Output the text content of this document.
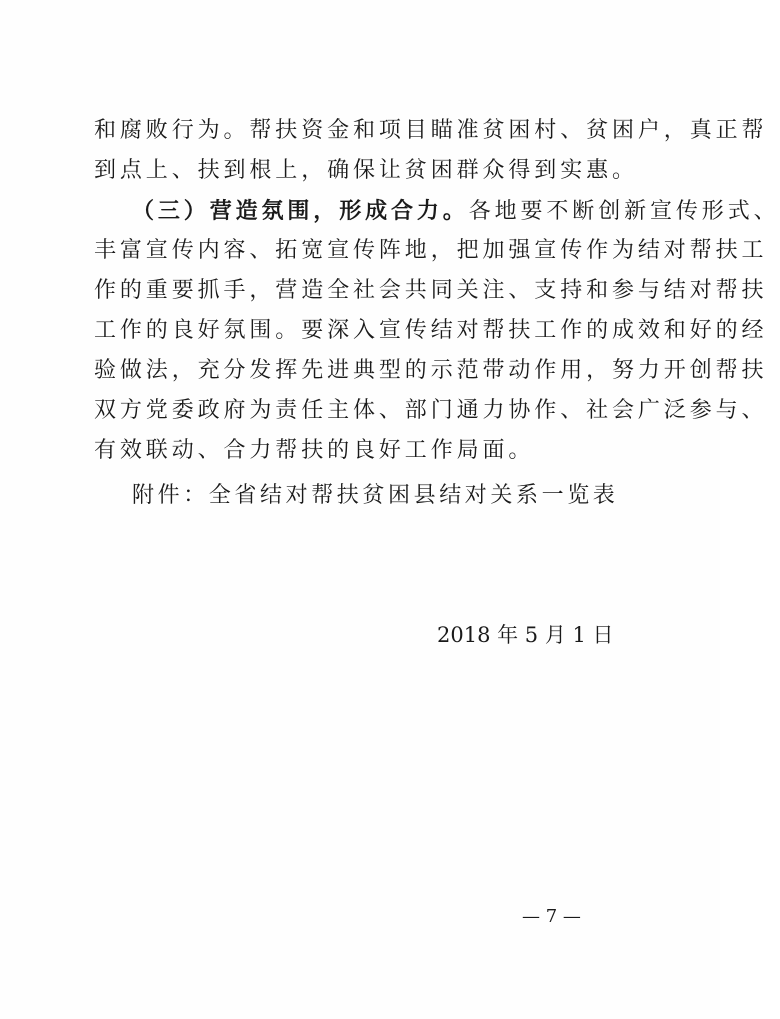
和腐败行为。帮扶资金和项目瞄准贫困村、贫困户，真正帮
到点上、扶到根上，确保让贫困群众得到实惠。
（三）营造氛围，形成合力。各地要不断创新宣传形式、
丰富宣传内容、拓宽宣传阵地，把加强宣传作为结对帮扶工
作的重要抓手，营造全社会共同关注、支持和参与结对帮扶
工作的良好氛围。要深入宣传结对帮扶工作的成效和好的经
验做法，充分发挥先进典型的示范带动作用，努力开创帮扶
双方党委政府为责任主体、部门通力协作、社会广泛参与、
有效联动、合力帮扶的良好工作局面。
附件：全省结对帮扶贫困县结对关系一览表
2018 年 5 月 1 日
— 7 —
